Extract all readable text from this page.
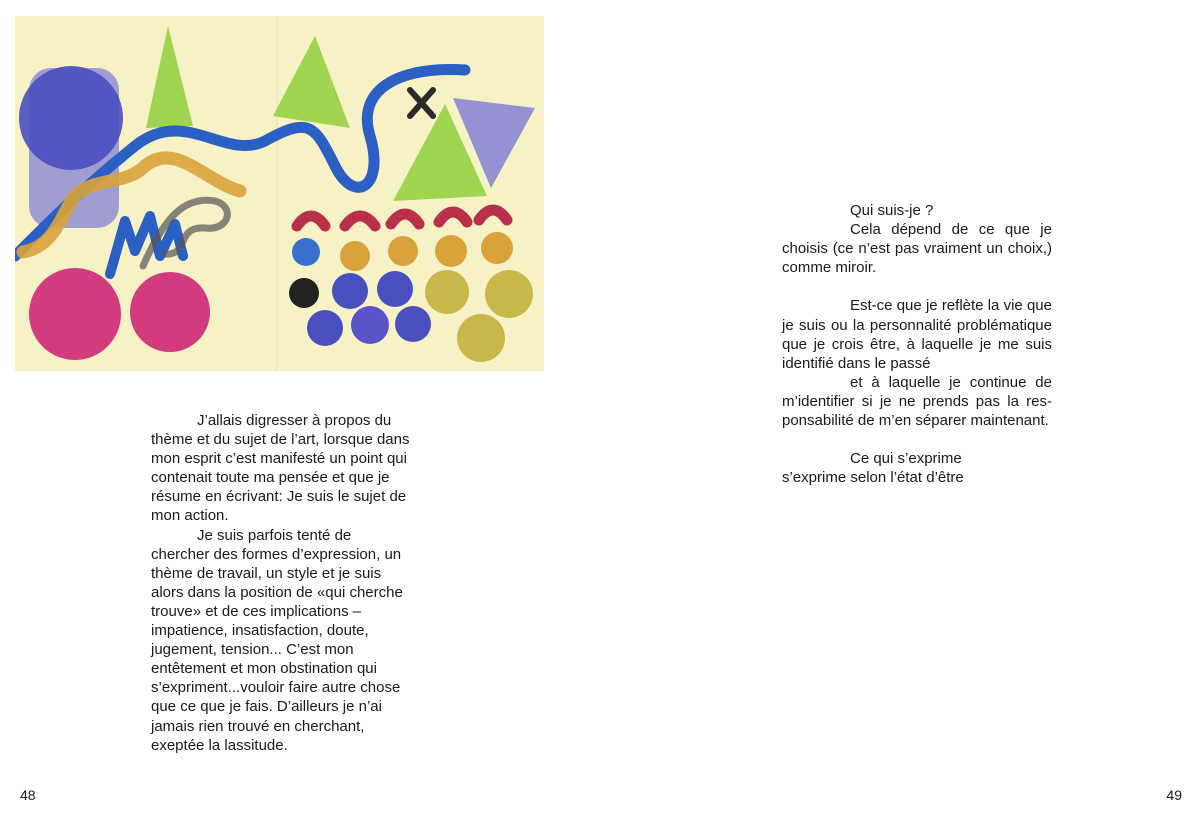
J’allais digresser à propos du thème et du sujet de l’art, lorsque dans mon esprit c’est manifesté un point qui contenait toute ma pensée et que je résume en écrivant: Je suis le sujet de mon action.

Je suis parfois tenté de chercher des formes d’expression, un thème de travail, un style et je suis alors dans la position de «qui cherche trouve» et de ces implications –impatience, insatisfaction, doute, jugement, tension... C’est mon entêtement et mon obstination qui s’expriment...vouloir faire autre chose que ce que je fais. D’ailleurs je n’ai jamais rien trouvé en cherchant, exeptée la lassitude.

48

Qui suis-je ?

Cela dépend de ce que je choisis (ce n’est pas vraiment un choix,) comme miroir.

Est-ce que je reflète la vie que je suis ou la personnalité problématique que je crois être, à laquelle je me suis identifié dans le passé

et à laquelle je continue de m’identifier si je ne prends pas la responsabilité de m’en séparer maintenant.

Ce qui s’exprime

s’exprime selon l’état d’être

49
